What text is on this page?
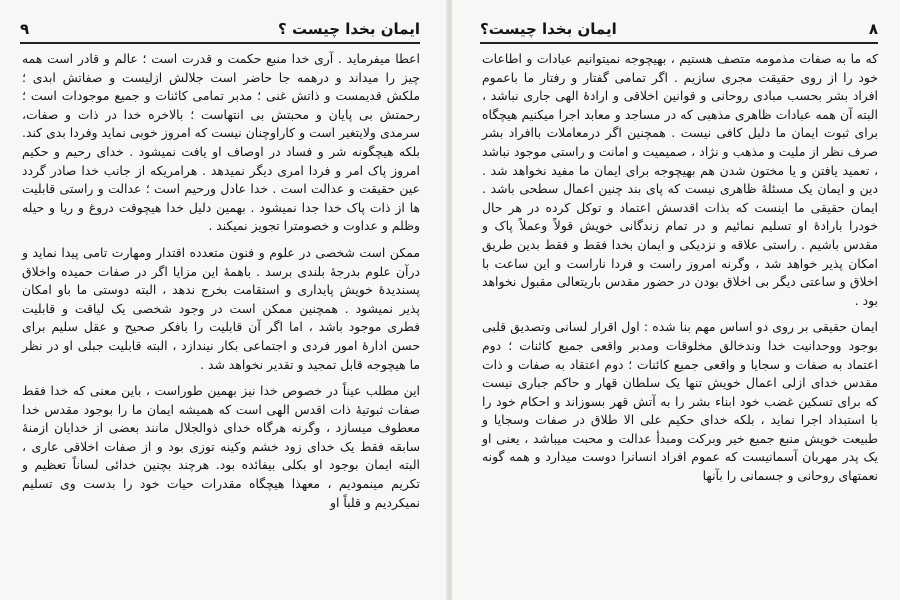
۹	ایمان بخدا چیست ؟

اعطا میفرماید . آری خدا منبع حکمت و قدرت است ؛ عالم و قادر است همه چیز را میداند و درهمه جا حاضر است جلالش ازلیست و صفاتش ابدی ؛ ملکش قدیمست و ذاتش غنی ؛ مدبر تمامی کائنات و جمیع موجودات است ؛ رحمتش بی پایان و محبتش بی انتهاست ؛ بالاخره خدا در ذات و صفات، سرمدی ولایتغیر است و کاراوچنان نیست که امروز خوبی نماید وفردا بدی کند. بلکه هیچگونه شر و فساد در اوصاف او یافت نمیشود . خدای رحیم و حکیم امروز پاک امر و فردا امری دیگر نمیدهد . هرامریکه از جانب خدا صادر گردد عین حقیقت و عدالت است . خدا عادل ورحیم است ؛ عدالت و راستی قابلیت ها از ذات پاک خدا جدا نمیشود . بهمین دلیل خدا هیچوقت دروغ و ریا و حیله وظلم و عداوت و خصومترا تجویز نمیکند .

ممکن است شخصی در علوم و فنون متعدده اقتدار ومهارت تامی پیدا نماید و درآن علوم بدرجهٔ بلندی برسد . باهمهٔ این مزایا اگر در صفات حمیده واخلاق پسندیدهٔ خویش پایداری و استقامت بخرج ندهد ، البته دوستی ما باو امکان پذیر نمیشود . همچنین ممکن است در وجود شخصی یک لیاقت و قابلیت فطری موجود باشد ، اما اگر آن قابلیت را بافکر صحیح و عقل سلیم برای حسن ادارهٔ امور فردی و اجتماعی بکار نیندازد ، البته قابلیت جبلی او در نظر ما هیچوجه قابل تمجید و تقدیر نخواهد شد .

این مطلب عیناً در خصوص خدا نیز بهمین طوراست ، باین معنی که خدا فقط صفات ثبوتیهٔ ذات اقدس الهی است که همیشه ایمان ما را بوجود مقدس خدا معطوف میسازد ، وگرنه هرگاه خدای ذوالجلال مانند بعضی از خدایان ازمنهٔ سابقه فقط یک خدای زود خشم وکینه توزی بود و از صفات اخلاقی عاری ، البته ایمان بوجود او بکلی بیفائده بود. هرچند بچنین خدائی لساناً تعظیم و تکریم مینمودیم ، معهذا هیچگاه مقدرات حیات خود را بدست وی تسلیم نمیکردیم و قلباً او

ایمان بخدا چیست؟	۸

که ما به صفات مذمومه متصف هستیم ، بهیچوجه نمیتوانیم عبادات و اطاعات خود را از روی حقیقت مجری سازیم . اگر تمامی گفتار و رفتار ما باعموم افراد بشر بحسب مبادی روحانی و قوانین اخلاقی و ارادهٔ الهی جاری نباشد ، البته آن همه عبادات ظاهری مذهبی که در مساجد و معابد اجرا میکنیم هیچگاه برای ثبوت ایمان ما دلیل کافی نیست . همچنین اگر درمعاملات باافراد بشر صرف نظر از ملیت و مذهب و نژاد ، صمیمیت و امانت و راستی موجود نباشد ، تعمید یافتن و یا مختون شدن هم بهیچوجه برای ایمان ما مفید نخواهد شد . دین و ایمان یک مسئلهٔ ظاهری نیست که پای بند چنین اعمال سطحی باشد . ایمان حقیقی ما اینست که بذات اقدسش اعتماد و توکل کرده در هر حال خودرا بارادهٔ او تسلیم نمائیم و در تمام زندگانی خویش قولاً وعملاً پاک و مقدس باشیم . راستی علاقه و نزدیکی و ایمان بخدا فقط و فقط بدین طریق امکان پذیر خواهد شد ، وگرنه امروز راست و فردا ناراست و این ساعت با اخلاق و ساعتی دیگر بی اخلاق بودن در حضور مقدس باریتعالی مقبول نخواهد بود .

ایمان حقیقی بر روی دو اساس مهم بنا شده : اول اقرار لسانی وتصدیق قلبی بوجود ووحدانیت خدا وندخالق مخلوقات ومدبر واقعی جمیع کائنات ؛ دوم اعتماد به صفات و سجایا و واقعی جمیع کائنات ؛ دوم اعتقاد به صفات و ذات مقدس خدای ازلی اعمال خویش تنها یک سلطان قهار و حاکم جباری نیست که برای تسکین غضب خود ابناء بشر را به آتش قهر بسوزاند و احکام خود را با استبداد اجرا نماید ، بلکه خدای حکیم علی الا طلاق در صفات وسجایا و طبیعت خویش منبع جمیع خیر وبرکت ومبدأ عدالت و محبت میباشد ، یعنی او یک پدر مهربان آسمانیست که عموم افراد انسانرا دوست میدارد و همه گونه نعمتهای روحانی و جسمانی را بآنها
